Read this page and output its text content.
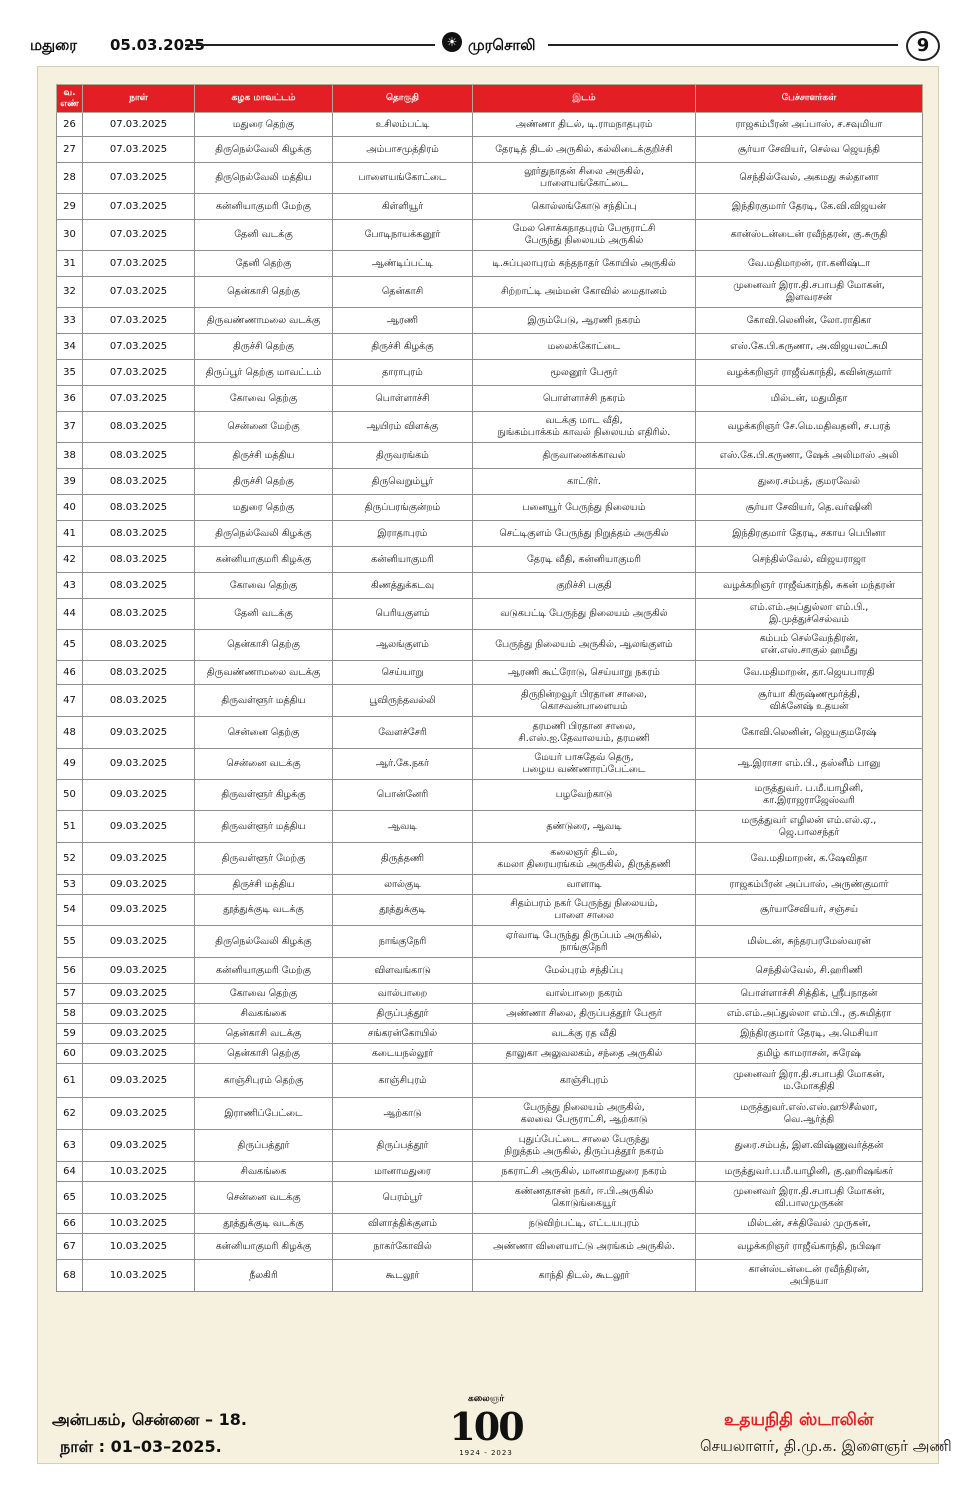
மதுரை 05.03.2025	☀ முரசொலி	9
வ. எண்	நாள்	கழக மாவட்டம்	தொகுதி	இடம்	பேச்சாளர்கள்
26	07.03.2025	மதுரை தெற்கு	உசிலம்பட்டி	அண்ணா திடல், டி.ராமநாதபுரம்	ராஜகம்பீரன் அப்பாஸ், ச.சவுமியா
27	07.03.2025	திருநெல்வேலி கிழக்கு	அம்பாசமுத்திரம்	தேரடித் திடல் அருகில், கல்லிடைக்குறிச்சி	சூர்யா சேவியர், செல்வ ஜெயந்தி
28	07.03.2025	திருநெல்வேலி மத்திய	பாளையங்கோட்டை	லூர்துநாதன் சிலை அருகில்,
பாளையங்கோட்டை	செந்தில்வேல், அகமது சுல்தானா
29	07.03.2025	கன்னியாகுமரி மேற்கு	கிள்ளியூர்	கொல்லங்கோடு சந்திப்பு	இந்திரகுமார் தேரடி, கே.வி.விஜயன்
30	07.03.2025	தேனி வடக்கு	போடிநாயக்கனூர்	மேல சொக்கநாதபுரம் பேரூராட்சி
பேருந்து நிலையம் அருகில்	கான்ஸ்டன்டைன் ரவீந்தரன், கு.சுருதி
31	07.03.2025	தேனி தெற்கு	ஆண்டிப்பட்டி	டி.சுப்புலாபுரம் கந்தநாதர் கோயில் அருகில்	வே.மதிமாறன், ரா.கனிஷ்டா
32	07.03.2025	தென்காசி தெற்கு	தென்காசி	சிற்றாட்டி அம்மன் கோவில் மைதானம்	முனைவர் இரா.தி.சபாபதி மோகன்,
இளவரசன்
33	07.03.2025	திருவண்ணாமலை வடக்கு	ஆரணி	இரும்பேடு, ஆரணி நகரம்	கோவி.லெனின், லோ.ராதிகா
34	07.03.2025	திருச்சி தெற்கு	திருச்சி கிழக்கு	மலைக்கோட்டை	எஸ்.கே.பி.கருணா, அ.விஜயலட்சுமி
35	07.03.2025	திருப்பூர் தெற்கு மாவட்டம்	தாராபுரம்	மூலனூர் பேரூர்	வழக்கறிஞர் ராஜீவ்காந்தி, கவின்குமார்
36	07.03.2025	கோவை தெற்கு	பொள்ளாச்சி	பொள்ளாச்சி நகரம்	மில்டன், மதுமிதா
37	08.03.2025	சென்னை மேற்கு	ஆயிரம் விளக்கு	வடக்கு மாட வீதி,
நுங்கம்பாக்கம் காவல் நிலையம் எதிரில்.	வழக்கறிஞர் சே.மெ.மதிவதனி, ச.பரத்
38	08.03.2025	திருச்சி மத்திய	திருவரங்கம்	திருவானைக்காவல்	எஸ்.கே.பி.கருணா, ஷேக் அலிமாஸ் அலி
39	08.03.2025	திருச்சி தெற்கு	திருவெறும்பூர்	காட்டூர்.	துரை.சம்பத், குமரவேல்
40	08.03.2025	மதுரை தெற்கு	திருப்பரங்குன்றம்	பனையூர் பேருந்து நிலையம்	சூர்யா சேவியர், தெ.வர்ஷினி
41	08.03.2025	திருநெல்வேலி கிழக்கு	இராதாபுரம்	செட்டிகுளம் பேருந்து நிறுத்தம் அருகில்	இந்திரகுமார் தேரடி, சகாய பெபினா
42	08.03.2025	கன்னியாகுமரி கிழக்கு	கன்னியாகுமரி	தேரடி வீதி, கன்னியாகுமரி	செந்தில்வேல், விஜயராஜா
43	08.03.2025	கோவை தெற்கு	கிணத்துக்கடவு	குறிச்சி பகுதி	வழக்கறிஞர் ராஜீவ்காந்தி, சுகன் மந்தரன்
44	08.03.2025	தேனி வடக்கு	பெரியகுளம்	வடுகபட்டி பேருந்து நிலையம் அருகில்	எம்.எம்.அப்துல்லா எம்.பி.,
இ.முத்துச்செல்வம்
45	08.03.2025	தென்காசி தெற்கு	ஆலங்குளம்	பேருந்து நிலையம் அருகில், ஆலங்குளம்	கம்பம் செல்வேந்திரன்,
என்.எஸ்.சாகுல் ஹமீது
46	08.03.2025	திருவண்ணாமலை வடக்கு	செய்யாறு	ஆரணி கூட்ரோடு, செய்யாறு நகரம்	வே.மதிமாறன், தா.ஜெயபாரதி
47	08.03.2025	திருவள்ளூர் மத்திய	பூவிருந்தவல்லி	திருநின்றவூர் பிரதான சாலை,
கொசவன்பாளையம்	சூர்யா கிருஷ்ணமூர்த்தி,
விக்னேஷ் உதயன்
48	09.03.2025	சென்னை தெற்கு	வேளச்சேரி	தரமணி பிரதான சாலை,
சி.எஸ்.ஐ.தேவாலயம், தரமணி	கோவி.லெனின், ஜெயகுமரேஷ்
49	09.03.2025	சென்னை வடக்கு	ஆர்.கே.நகர்	மேயர் பாசுதேவ் தெரு,
பழைய வண்ணாரப்பேட்டை	ஆ.இராசா எம்.பி., தஸ்னீம் பானு
50	09.03.2025	திருவள்ளூர் கிழக்கு	பொன்னேரி	பழவேற்காடு	மருத்துவர். ப.மீ.யாழினி,
கா.இராஜராஜேஸ்வரி
51	09.03.2025	திருவள்ளூர் மத்திய	ஆவடி	தண்டுரை, ஆவடி	மருத்துவர் எழிலன் எம்.எல்.ஏ.,
ஜெ.பாலசந்தர்
52	09.03.2025	திருவள்ளூர் மேற்கு	திருத்தணி	கலைஞர் திடல்,
கமலா திரையரங்கம் அருகில், திருத்தணி	வே.மதிமாறன், க.ஷேவிதா
53	09.03.2025	திருச்சி மத்திய	லால்குடி	வாளாடி	ராஜகம்பீரன் அப்பாஸ், அருண்குமார்
54	09.03.2025	தூத்துக்குடி வடக்கு	தூத்துக்குடி	சிதம்பரம் நகர் பேருந்து நிலையம்,
பாளை சாலை	சூர்யாசேவியர், சஞ்சய்
55	09.03.2025	திருநெல்வேலி கிழக்கு	நாங்குநேரி	ஏர்வாடி பேருந்து திருப்பம் அருகில்,
நாங்குநேரி	மில்டன், சுந்தரபரமேஸ்வரன்
56	09.03.2025	கன்னியாகுமரி மேற்கு	விளவங்காடு	மேல்புரம் சந்திப்பு	செந்தில்வேல், சி.ஹரிணி
57	09.03.2025	கோவை தெற்கு	வால்பாறை	வால்பாறை நகரம்	பொள்ளாச்சி சித்திக், ஸ்ரீபநாதன்
58	09.03.2025	சிவகங்கை	திருப்பத்தூர்	அண்ணா சிலை, திருப்பத்தூர் பேரூர்	எம்.எம்.அப்துல்லா எம்.பி., கு.சுமித்ரா
59	09.03.2025	தென்காசி வடக்கு	சங்கரன்கோயில்	வடக்கு ரத வீதி	இந்திரகுமார் தேரடி, அ.மெசியா
60	09.03.2025	தென்காசி தெற்கு	கடையநல்லூர்	தாலுகா அலுவலகம், சந்தை அருகில்	தமிழ் காமராசன், சுரேஷ்
61	09.03.2025	காஞ்சிபுரம் தெற்கு	காஞ்சிபுரம்	காஞ்சிபுரம்	முனைவர் இரா.தி.சபாபதி மோகன்,
ம.மோகதிதி
62	09.03.2025	இராணிப்பேட்டை	ஆற்காடு	பேருந்து நிலையம் அருகில்,
கலவை பேரூராட்சி, ஆற்காடு	மருத்துவர்.எஸ்.எஸ்.ஹூசீல்லா,
வெ.ஆர்த்தி
63	09.03.2025	திருப்பத்தூர்	திருப்பத்தூர்	புதுப்பேட்டை சாலை பேருந்து
நிறுத்தம் அருகில், திருப்பத்தூர் நகரம்	துரை.சம்பத், இள.விஷ்ணுவர்த்தன்
64	10.03.2025	சிவகங்கை	மானாமதுரை	நகராட்சி அருகில், மானாமதுரை நகரம்	மருத்துவர்.ப.மீ.யாழினி, கு.ஹரிஷங்கர்
65	10.03.2025	சென்னை வடக்கு	பெரம்பூர்	கண்ணதாசன் நகர், ஈ.பி.அருகில்
கொடுங்கையூர்	முனைவர் இரா.தி.சபாபதி மோகன்,
வி.பாலமுருகன்
66	10.03.2025	தூத்துக்குடி வடக்கு	விளாத்திக்குளம்	நடுவிற்பட்டி, எட்டயபுரம்	மில்டன், சக்திவேல் முருகன்,
67	10.03.2025	கன்னியாகுமரி கிழக்கு	நாகர்கோவில்	அண்ணா விளையாட்டு அரங்கம் அருகில்.	வழக்கறிஞர் ராஜீவ்காந்தி, நபிஷா
68	10.03.2025	நீலகிரி	கூடலூர்	காந்தி திடல், கூடலூர்	கான்ஸ்டன்டைன் ரவீந்திரன்,
அபிநயா
அன்பகம், சென்னை – 18.
நாள் : 01–03–2025.
கலைஞர்
100
1924 - 2023
உதயநிதி ஸ்டாலின்
செயலாளர், தி.மு.க. இளைஞர் அணி
